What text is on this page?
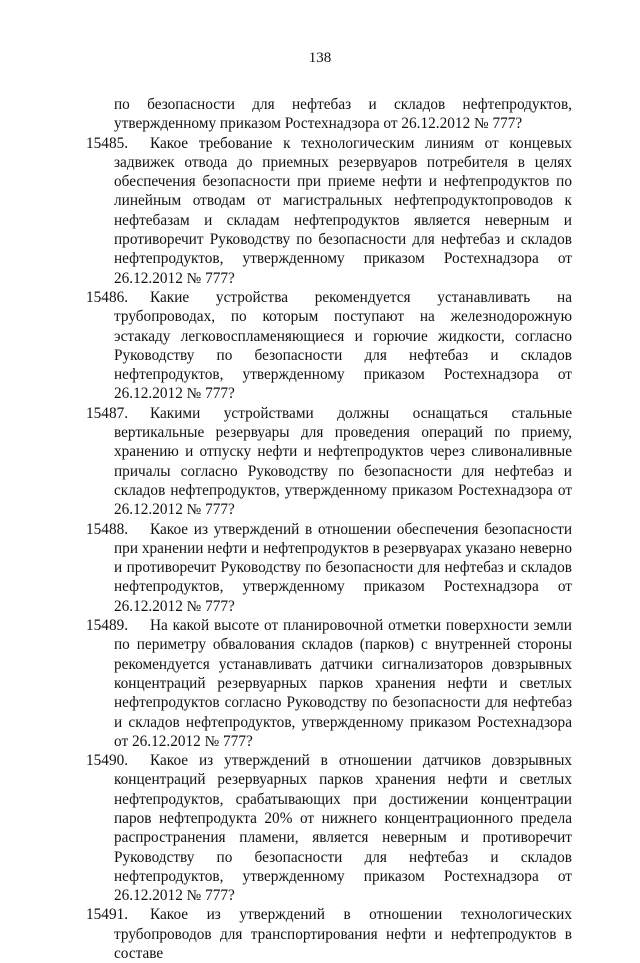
138
по безопасности для нефтебаз и складов нефтепродуктов, утвержденному приказом Ростехнадзора от 26.12.2012 № 777?
15485. Какое требование к технологическим линиям от концевых задвижек отвода до приемных резервуаров потребителя в целях обеспечения безопасности при приеме нефти и нефтепродуктов по линейным отводам от магистральных нефтепродуктопроводов к нефтебазам и складам нефтепродуктов является неверным и противоречит Руководству по безопасности для нефтебаз и складов нефтепродуктов, утвержденному приказом Ростехнадзора от 26.12.2012 № 777?
15486. Какие устройства рекомендуется устанавливать на трубопроводах, по которым поступают на железнодорожную эстакаду легковоспламеняющиеся и горючие жидкости, согласно Руководству по безопасности для нефтебаз и складов нефтепродуктов, утвержденному приказом Ростехнадзора от 26.12.2012 № 777?
15487. Какими устройствами должны оснащаться стальные вертикальные резервуары для проведения операций по приему, хранению и отпуску нефти и нефтепродуктов через сливоналивные причалы согласно Руководству по безопасности для нефтебаз и складов нефтепродуктов, утвержденному приказом Ростехнадзора от 26.12.2012 № 777?
15488. Какое из утверждений в отношении обеспечения безопасности при хранении нефти и нефтепродуктов в резервуарах указано неверно и противоречит Руководству по безопасности для нефтебаз и складов нефтепродуктов, утвержденному приказом Ростехнадзора от 26.12.2012 № 777?
15489. На какой высоте от планировочной отметки поверхности земли по периметру обвалования складов (парков) с внутренней стороны рекомендуется устанавливать датчики сигнализаторов довзрывных концентраций резервуарных парков хранения нефти и светлых нефтепродуктов согласно Руководству по безопасности для нефтебаз и складов нефтепродуктов, утвержденному приказом Ростехнадзора от 26.12.2012 № 777?
15490. Какое из утверждений в отношении датчиков довзрывных концентраций резервуарных парков хранения нефти и светлых нефтепродуктов, срабатывающих при достижении концентрации паров нефтепродукта 20% от нижнего концентрационного предела распространения пламени, является неверным и противоречит Руководству по безопасности для нефтебаз и складов нефтепродуктов, утвержденному приказом Ростехнадзора от 26.12.2012 № 777?
15491. Какое из утверждений в отношении технологических трубопроводов для транспортирования нефти и нефтепродуктов в составе
